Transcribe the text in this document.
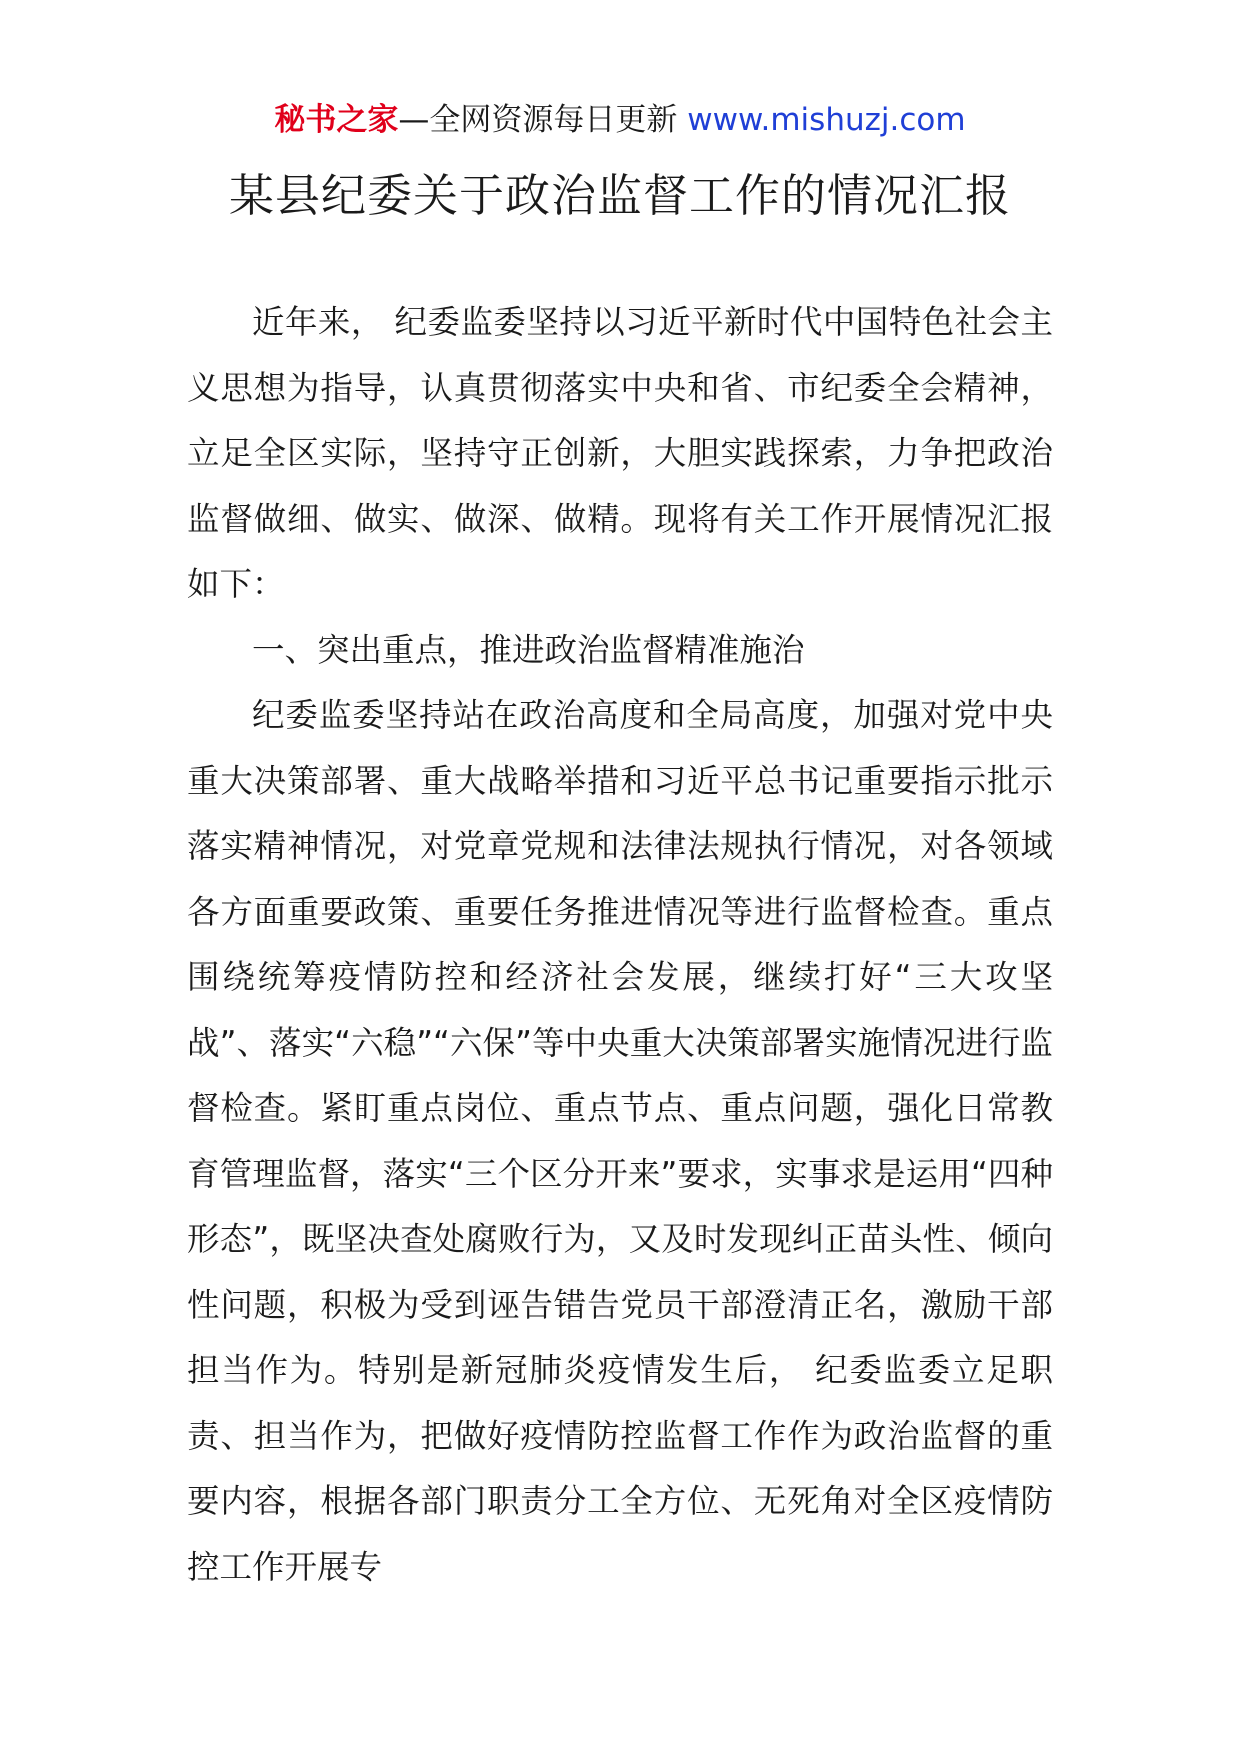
秘书之家—全网资源每日更新 www.mishuzj.com
某县纪委关于政治监督工作的情况汇报

近年来， 纪委监委坚持以习近平新时代中国特色社会主义思想为指导，认真贯彻落实中央和省、市纪委全会精神，立足全区实际，坚持守正创新，大胆实践探索，力争把政治监督做细、做实、做深、做精。现将有关工作开展情况汇报如下：

一、突出重点，推进政治监督精准施治

纪委监委坚持站在政治高度和全局高度，加强对党中央重大决策部署、重大战略举措和习近平总书记重要指示批示落实精神情况，对党章党规和法律法规执行情况，对各领域各方面重要政策、重要任务推进情况等进行监督检查。重点围绕统筹疫情防控和经济社会发展，继续打好“三大攻坚战”、落实“六稳”“六保”等中央重大决策部署实施情况进行监督检查。紧盯重点岗位、重点节点、重点问题，强化日常教育管理监督，落实“三个区分开来”要求，实事求是运用“四种形态”，既坚决查处腐败行为，又及时发现纠正苗头性、倾向性问题，积极为受到诬告错告党员干部澄清正名，激励干部担当作为。特别是新冠肺炎疫情发生后， 纪委监委立足职责、担当作为，把做好疫情防控监督工作作为政治监督的重要内容，根据各部门职责分工全方位、无死角对全区疫情防控工作开展专
